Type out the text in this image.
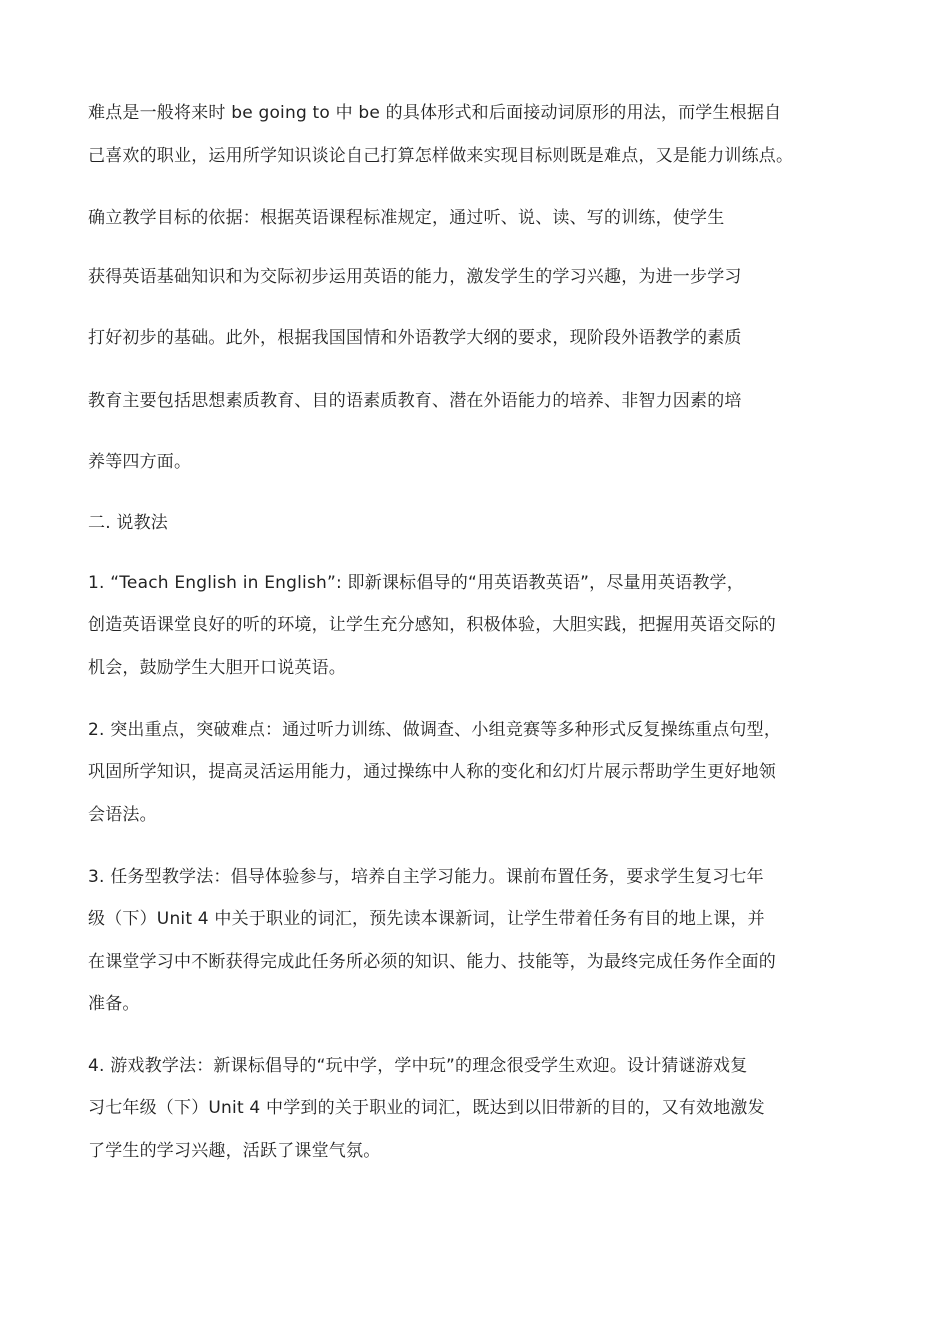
难点是一般将来时 be going to 中 be 的具体形式和后面接动词原形的用法，而学生根据自
己喜欢的职业，运用所学知识谈论自己打算怎样做来实现目标则既是难点，又是能力训练点。
确立教学目标的依据：根据英语课程标准规定，通过听、说、读、写的训练，使学生
获得英语基础知识和为交际初步运用英语的能力，激发学生的学习兴趣，为进一步学习
打好初步的基础。此外，根据我国国情和外语教学大纲的要求，现阶段外语教学的素质
教育主要包括思想素质教育、目的语素质教育、潜在外语能力的培养、非智力因素的培
养等四方面。
二. 说教法
1. “Teach English in English”: 即新课标倡导的“用英语教英语”，尽量用英语教学，
创造英语课堂良好的听的环境，让学生充分感知，积极体验，大胆实践，把握用英语交际的
机会，鼓励学生大胆开口说英语。
2. 突出重点，突破难点：通过听力训练、做调查、小组竞赛等多种形式反复操练重点句型，
巩固所学知识，提高灵活运用能力，通过操练中人称的变化和幻灯片展示帮助学生更好地领
会语法。
3. 任务型教学法：倡导体验参与，培养自主学习能力。课前布置任务，要求学生复习七年
级（下）Unit 4 中关于职业的词汇，预先读本课新词，让学生带着任务有目的地上课，并
在课堂学习中不断获得完成此任务所必须的知识、能力、技能等，为最终完成任务作全面的
准备。
4. 游戏教学法：新课标倡导的“玩中学，学中玩”的理念很受学生欢迎。设计猜谜游戏复
习七年级（下）Unit 4 中学到的关于职业的词汇，既达到以旧带新的目的，又有效地激发
了学生的学习兴趣，活跃了课堂气氛。
